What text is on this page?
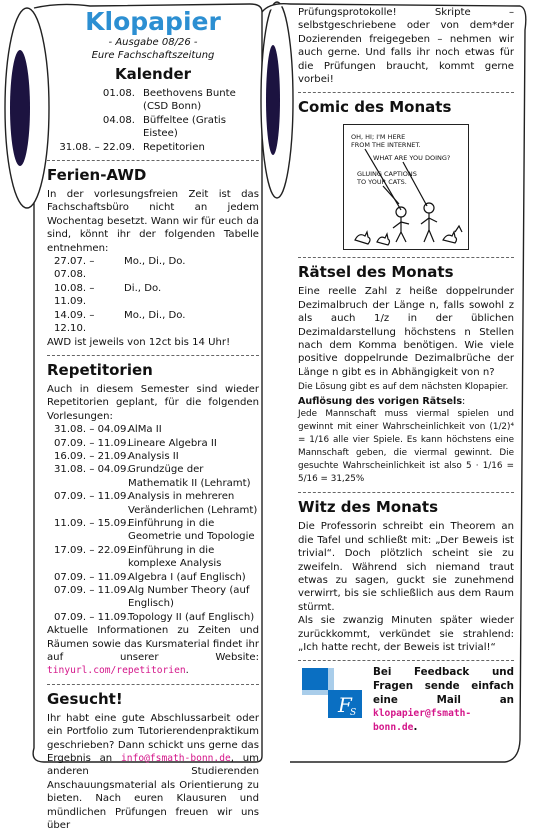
Klopapier
- Ausgabe 08/26 -
Eure Fachschaftszeitung
Kalender
01.08. Beethovens Bunte
(CSD Bonn)
04.08. Büffeltee (Gratis Eistee)
31.08. – 22.09. Repetitorien
Ferien-AWD

In der vorlesungsfreien Zeit ist das Fachschaftsbüro nicht an jedem Wochentag besetzt. Wann wir für euch da sind, könnt ihr der folgenden Tabelle entnehmen:

27.07. – 07.08.
Mo., Di., Do.
10.08. – 11.09.
Di., Do.
14.09. – 12.10.
Mo., Di., Do.

AWD ist jeweils von 12ct bis 14 Uhr!

Repetitorien

Auch in diesem Semester sind wieder Repetitorien geplant, für die folgenden Vorlesungen:

31.08. – 04.09.
AlMa II
07.09. – 11.09.
Lineare Algebra II
16.09. – 21.09.
Analysis II
31.08. – 04.09.
Grundzüge der Mathematik II (Lehramt)
07.09. – 11.09.
Analysis in mehreren Veränderlichen (Lehramt)
11.09. – 15.09.
Einführung in die Geometrie und Topologie
17.09. – 22.09.
Einführung in die komplexe Analysis
07.09. – 11.09.
Algebra I (auf Englisch)
07.09. – 11.09.
Alg Number Theory (auf Englisch)
07.09. – 11.09.
Topology II (auf Englisch)

Aktuelle Informationen zu Zeiten und Räumen sowie das Kursmaterial findet ihr auf unserer Website: tinyurl.com/repetitorien.

Gesucht!

Ihr habt eine gute Abschlussarbeit oder ein Portfolio zum Tutorierendenpraktikum geschrieben? Dann schickt uns gerne das Ergebnis an info@fsmath-bonn.de, um anderen Studierenden Anschauungsmaterial als Orientierung zu bieten. Nach euren Klausuren und mündlichen Prüfungen freuen wir uns über

Prüfungsprotokolle! Skripte – selbstgeschriebene oder von dem*der Dozierenden freigegeben – nehmen wir auch gerne. Und falls ihr noch etwas für die Prüfungen braucht, kommt gerne vorbei!

Comic des Monats
OH, HI; I'M HERE
FROM THE INTERNET.
WHAT ARE YOU DOING?
GLUING CAPTIONS
TO YOUR CATS.
Rätsel des Monats

Eine reelle Zahl z heiße doppelrunder Dezimalbruch der Länge n, falls sowohl z als auch 1/z in der üblichen Dezimaldarstellung höchstens n Stellen nach dem Komma benötigen. Wie viele positive doppelrunde Dezimalbrüche der Länge n gibt es in Abhängigkeit von n?

Die Lösung gibt es auf dem nächsten Klopapier.

Auflösung des vorigen Rätsels:

Jede Mannschaft muss viermal spielen und gewinnt mit einer Wahrscheinlichkeit von (1/2)⁴ = 1/16 alle vier Spiele. Es kann höchstens eine Mannschaft geben, die viermal gewinnt. Die gesuchte Wahrscheinlichkeit ist also 5 · 1/16 = 5/16 = 31,25%

Witz des Monats

Die Professorin schreibt ein Theorem an die Tafel und schließt mit: „Der Beweis ist trivial“. Doch plötzlich scheint sie zu zweifeln. Während sich niemand traut etwas zu sagen, guckt sie zunehmend verwirrt, bis sie schließlich aus dem Raum stürmt.

Als sie zwanzig Minuten später wieder zurückkommt, verkündet sie strahlend: „Ich hatte recht, der Beweis ist trivial!“

F
S
Bei Feedback und Fragen sende einfach eine Mail an klopapier@fsmath-bonn.de.
